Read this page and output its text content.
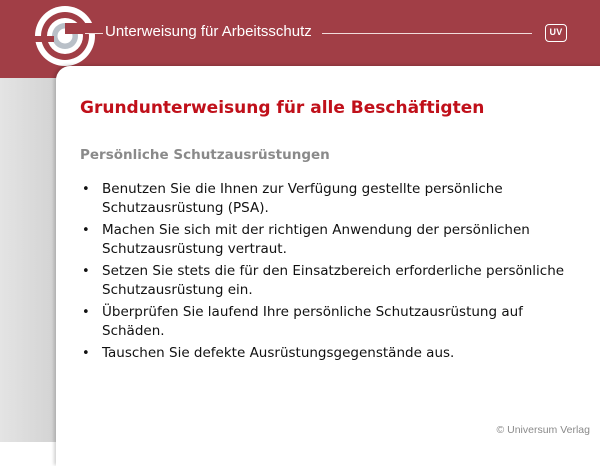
Unterweisung für Arbeitsschutz	UV
Grundunterweisung für alle Beschäftigten
Persönliche Schutzausrüstungen
• Benutzen Sie die Ihnen zur Verfügung gestellte persönliche Schutzausrüstung (PSA).
• Machen Sie sich mit der richtigen Anwendung der persönlichen Schutzausrüstung vertraut.
• Setzen Sie stets die für den Einsatzbereich erforderliche persönliche Schutzausrüstung ein.
• Überprüfen Sie laufend Ihre persönliche Schutzausrüstung auf Schäden.
• Tauschen Sie defekte Ausrüstungsgegenstände aus.
© Universum Verlag
